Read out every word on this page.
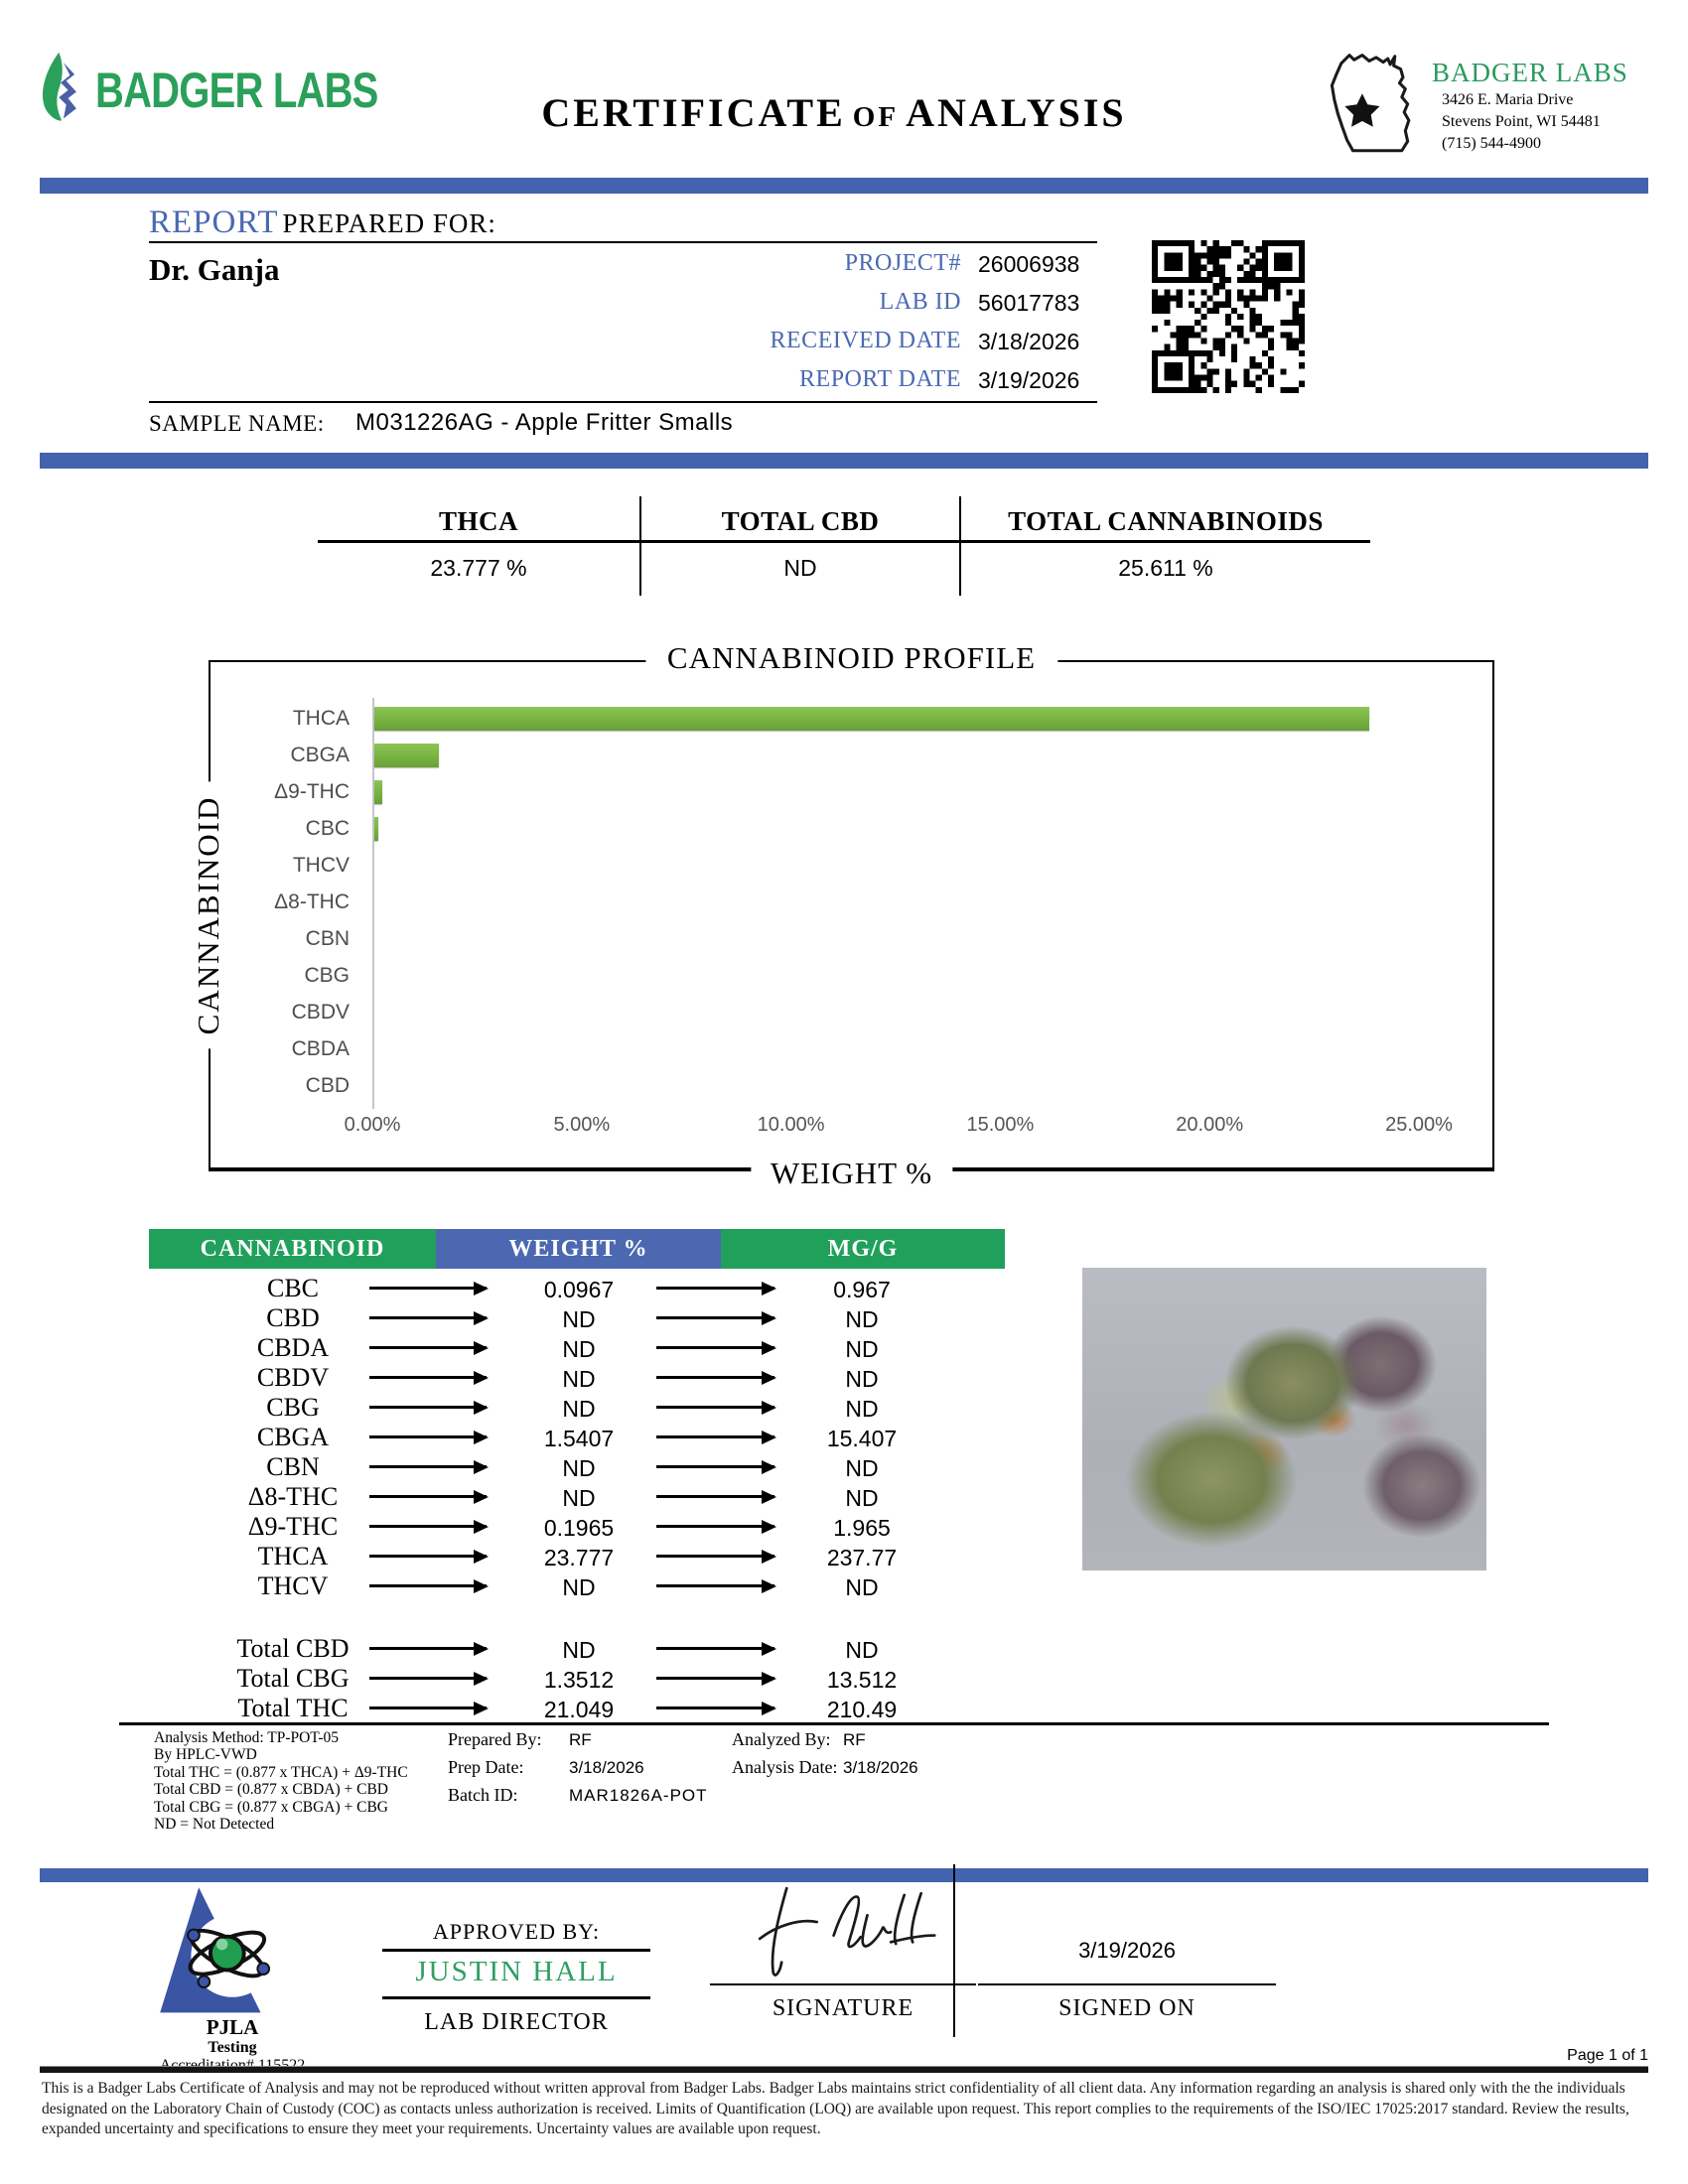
BADGER LABS	CERTIFICATE OF ANALYSIS
BADGER LABS
3426 E. Maria Drive
Stevens Point, WI 54481
(715) 544-4900
REPORT PREPARED FOR:
Dr. Ganja	PROJECT# 26006938
LAB ID 56017783
RECEIVED DATE 3/18/2026
REPORT DATE 3/19/2026
SAMPLE NAME: M031226AG - Apple Fritter Smalls
THCA	TOTAL CBD	TOTAL CANNABINOIDS
23.777 %	ND	25.611 %
CANNABINOID PROFILE
CANNABINOID
THCA
CBGA
Δ9-THC
CBC
THCV
Δ8-THC
CBN
CBG
CBDV
CBDA
CBD
0.00%	5.00%	10.00%	15.00%	20.00%	25.00%
WEIGHT %
CANNABINOID	WEIGHT %	MG/G
CBC	0.0967	0.967
CBD	ND	ND
CBDA	ND	ND
CBDV	ND	ND
CBG	ND	ND
CBGA	1.5407	15.407
CBN	ND	ND
Δ8-THC	ND	ND
Δ9-THC	0.1965	1.965
THCA	23.777	237.77
THCV	ND	ND
Total CBD	ND	ND
Total CBG	1.3512	13.512
Total THC	21.049	210.49
Analysis Method: TP-POT-05
By HPLC-VWD
Total THC = (0.877 x THCA) + Δ9-THC
Total CBD = (0.877 x CBDA) + CBD
Total CBG = (0.877 x CBGA) + CBG
ND = Not Detected
Prepared By: RF
Prep Date:	3/18/2026
Batch ID:	MAR1826A-POT
Analyzed By: RF
Analysis Date: 3/18/2026
PJLA
Testing
APPROVED BY:
JUSTIN HALL
LAB DIRECTOR
3/19/2026
SIGNATURE	SIGNED ON
Page 1 of 1
This is a Badger Labs Certificate of Analysis and may not be reproduced without written approval from Badger Labs. Badger Labs maintains strict confidentiality of all client data. Any information regarding an analysis is shared only with the the individuals designated on the Laboratory Chain of Custody (COC) as contacts unless authorization is received. Limits of Quantification (LOQ) are available upon request. This report complies to the requirements of the ISO/IEC 17025:2017 standard. Review the results, expanded uncertainty and specifications to ensure they meet your requirements. Uncertainty values are available upon request.
